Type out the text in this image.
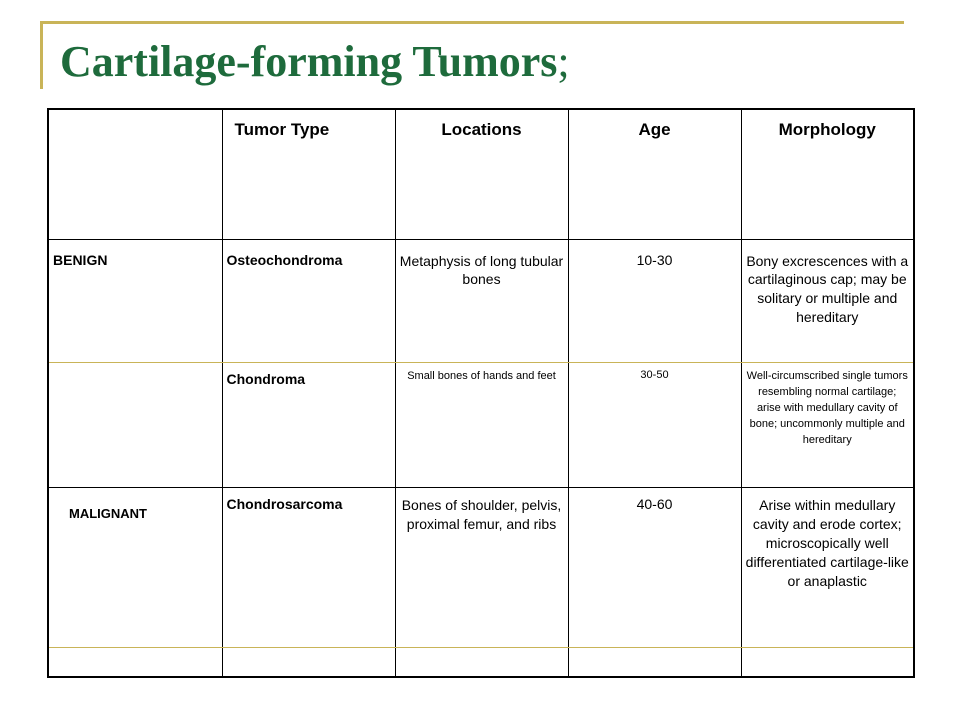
Cartilage-forming Tumors;
	Tumor Type	Locations	Age	Morphology
BENIGN	Osteochondroma	Metaphysis of long tubular bones	10-30	Bony excrescences with a cartilaginous cap; may be solitary or multiple and hereditary
	Chondroma	Small bones of hands and feet	30-50	Well-circumscribed single tumors resembling normal cartilage; arise with medullary cavity of bone; uncommonly multiple and hereditary
MALIGNANT	Chondrosarcoma	Bones of shoulder, pelvis, proximal femur, and ribs	40-60	Arise within medullary cavity and erode cortex; microscopically well differentiated cartilage-like or anaplastic
